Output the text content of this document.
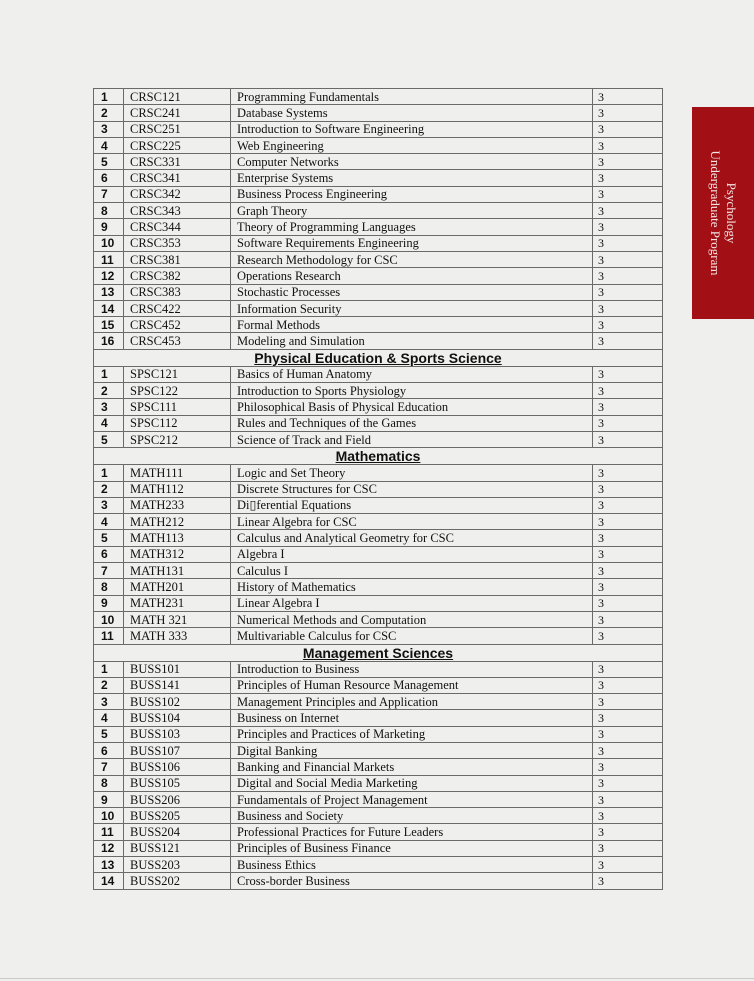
1	CRSC121	Programming Fundamentals	3
2	CRSC241	Database Systems	3
3	CRSC251	Introduction to Software Engineering	3
4	CRSC225	Web Engineering	3
5	CRSC331	Computer Networks	3
6	CRSC341	Enterprise Systems	3
7	CRSC342	Business Process Engineering	3
8	CRSC343	Graph Theory	3
9	CRSC344	Theory of Programming Languages	3
10	CRSC353	Software Requirements Engineering	3
11	CRSC381	Research Methodology for CSC	3
12	CRSC382	Operations Research	3
13	CRSC383	Stochastic Processes	3
14	CRSC422	Information Security	3
15	CRSC452	Formal Methods	3
16	CRSC453	Modeling and Simulation	3
Physical Education & Sports Science			
1	SPSC121	Basics of Human Anatomy	3
2	SPSC122	Introduction to Sports Physiology	3
3	SPSC111	Philosophical Basis of Physical Education	3
4	SPSC112	Rules and Techniques of the Games	3
5	SPSC212	Science of Track and Field	3
Mathematics			
1	MATH111	Logic and Set Theory	3
2	MATH112	Discrete Structures for CSC	3
3	MATH233	Di▯ferential Equations	3
4	MATH212	Linear Algebra for CSC	3
5	MATH113	Calculus and Analytical Geometry for CSC	3
6	MATH312	Algebra I	3
7	MATH131	Calculus I	3
8	MATH201	History of Mathematics	3
9	MATH231	Linear Algebra I	3
10	MATH 321	Numerical Methods and Computation	3
11	MATH 333	Multivariable Calculus for CSC	3
Management Sciences			
1	BUSS101	Introduction to Business	3
2	BUSS141	Principles of Human Resource Management	3
3	BUSS102	Management Principles and Application	3
4	BUSS104	Business on Internet	3
5	BUSS103	Principles and Practices of Marketing	3
6	BUSS107	Digital Banking	3
7	BUSS106	Banking and Financial Markets	3
8	BUSS105	Digital and Social Media Marketing	3
9	BUSS206	Fundamentals of Project Management	3
10	BUSS205	Business and Society	3
11	BUSS204	Professional Practices for Future Leaders	3
12	BUSS121	Principles of Business Finance	3
13	BUSS203	Business Ethics	3
14	BUSS202	Cross-border Business	3
Psychology
Undergraduate Program
